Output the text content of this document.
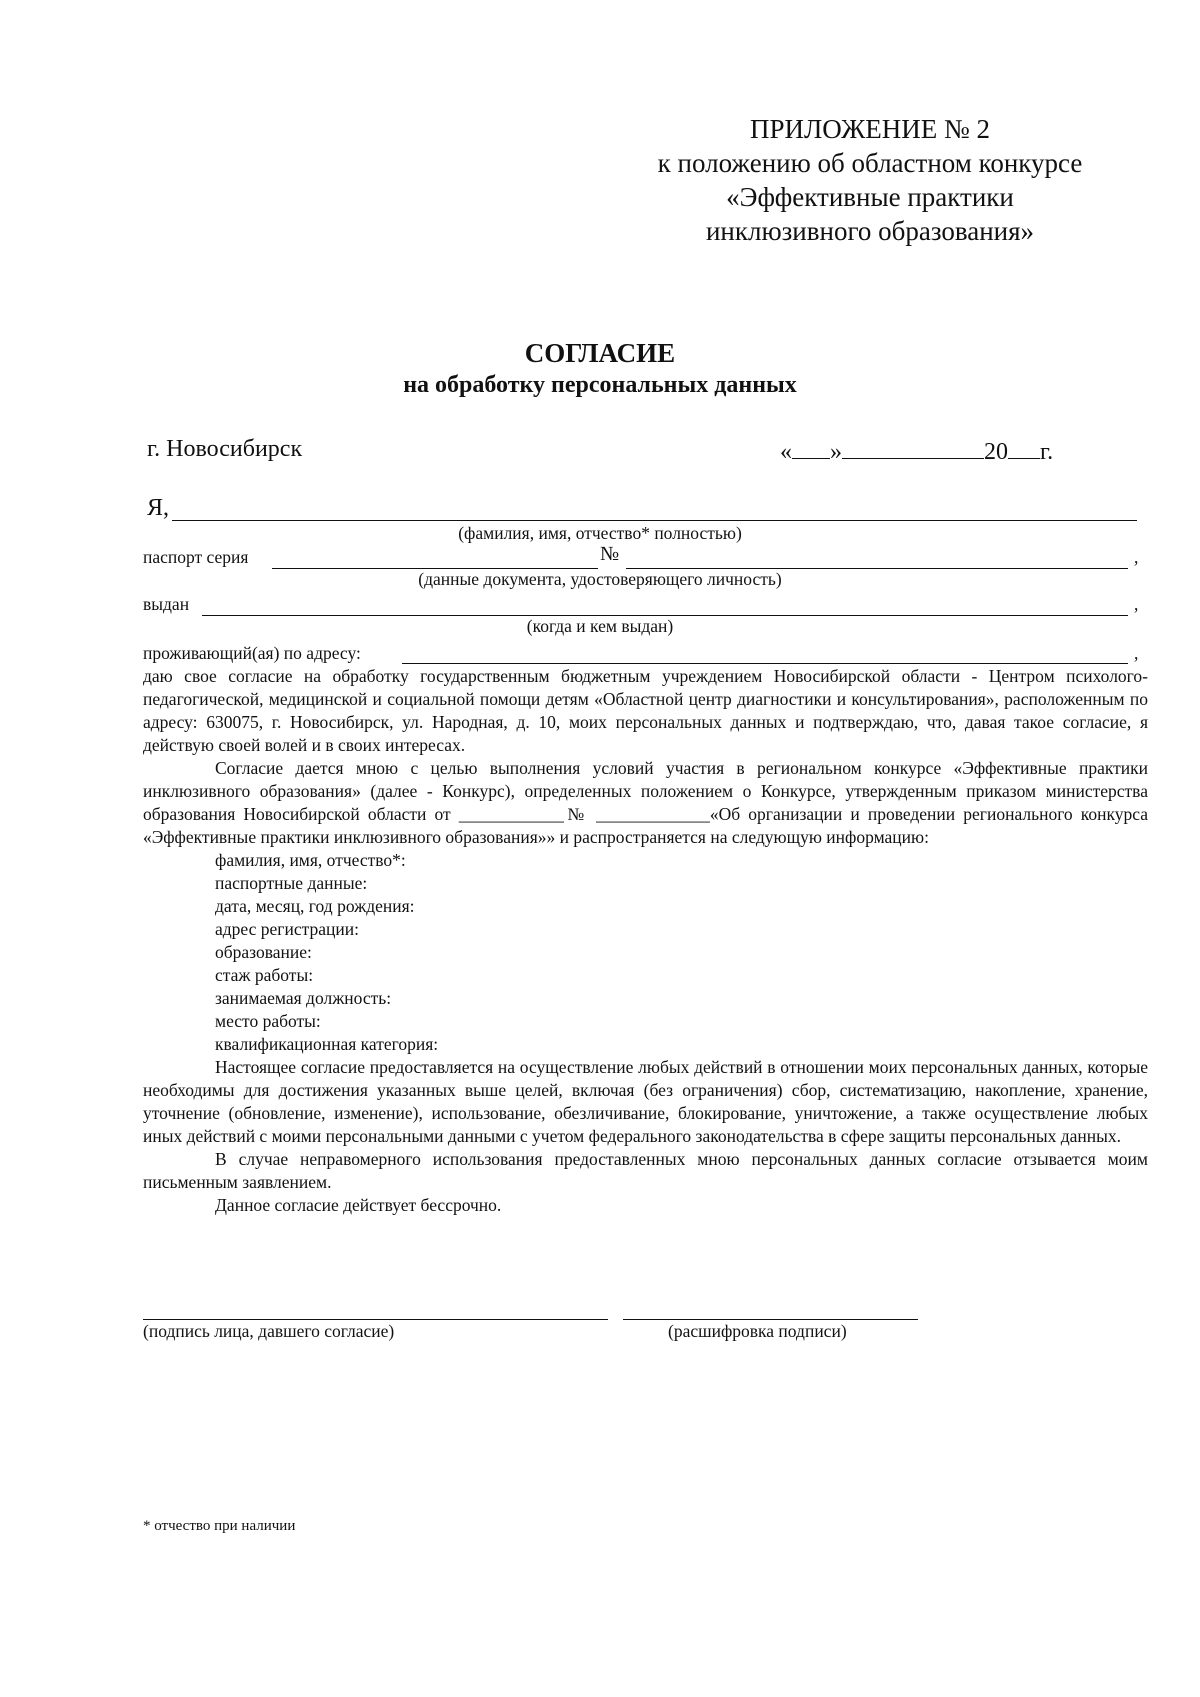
ПРИЛОЖЕНИЕ № 2
к положению об областном конкурсе
«Эффективные практики
инклюзивного образования»
СОГЛАСИЕ
на обработку персональных данных
г. Новосибирск	« »	20 г.
Я,
(фамилия, имя, отчество* полностью)
паспорт серия	№	,
(данные документа, удостоверяющего личность)
выдан	,
(когда и кем выдан)
проживающий(ая) по адресу:	,

даю свое согласие на обработку государственным бюджетным учреждением Новосибирской области - Центром психолого-педагогической, медицинской и социальной помощи детям «Областной центр диагностики и консультирования», расположенным по адресу: 630075, г. Новосибирск, ул. Народная, д. 10, моих персональных данных и подтверждаю, что, давая такое согласие, я действую своей волей и в своих интересах.

Согласие дается мною с целью выполнения условий участия в региональном конкурсе «Эффективные практики инклюзивного образования» (далее - Конкурс), определенных положением о Конкурсе, утвержденным приказом министерства образования Новосибирской области от ____________№ _____________«Об организации и проведении регионального конкурса «Эффективные практики инклюзивного образования»» и распространяется на следующую информацию:

фамилия, имя, отчество*:
паспортные данные:
дата, месяц, год рождения:
адрес регистрации:
образование:
стаж работы:
занимаемая должность:
место работы:
квалификационная категория:

Настоящее согласие предоставляется на осуществление любых действий в отношении моих персональных данных, которые необходимы для достижения указанных выше целей, включая (без ограничения) сбор, систематизацию, накопление, хранение, уточнение (обновление, изменение), использование, обезличивание, блокирование, уничтожение, а также осуществление любых иных действий с моими персональными данными с учетом федерального законодательства в сфере защиты персональных данных.

В случае неправомерного использования предоставленных мною персональных данных согласие отзывается моим письменным заявлением.

Данное согласие действует бессрочно.

(подпись лица, давшего согласие)	(расшифровка подписи)
* отчество при наличии
